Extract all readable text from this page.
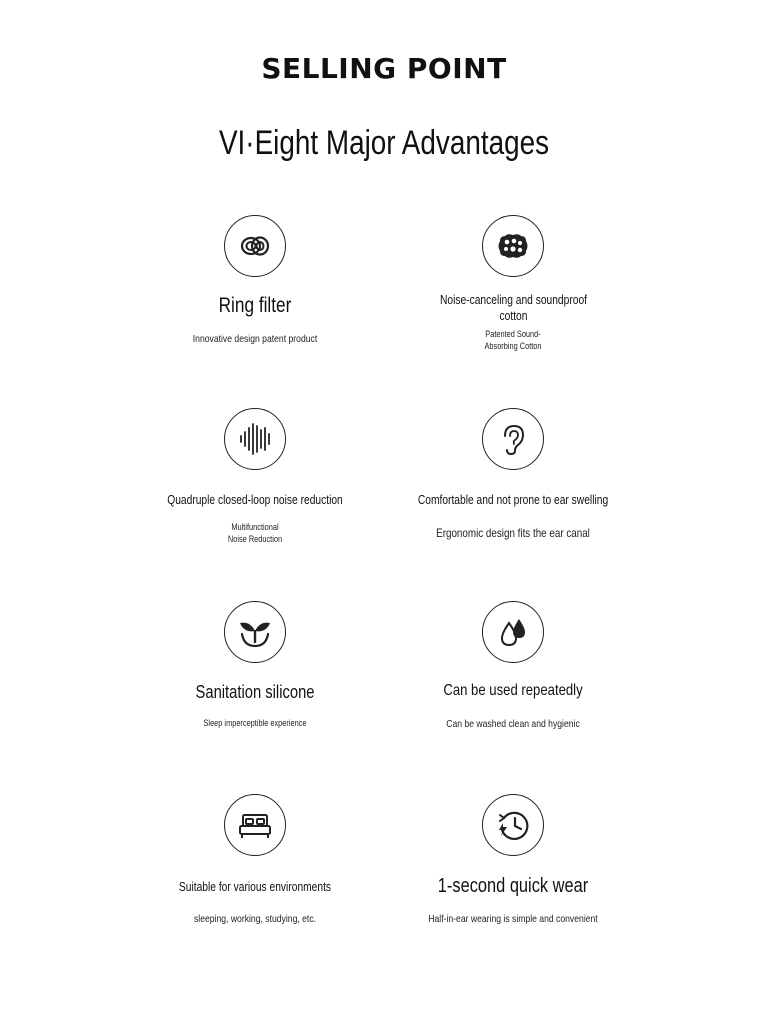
SELLING POINT
VI·Eight Major Advantages
Ring filter
Innovative design patent product
Noise-canceling and soundproof cotton
Patented Sound-Absorbing Cotton
Quadruple closed-loop noise reduction
Multifunctional Noise Reduction
Comfortable and not prone to ear swelling
Ergonomic design fits the ear canal
Sanitation silicone
Sleep imperceptible experience
Can be used repeatedly
Can be washed clean and hygienic
Suitable for various environments
sleeping, working, studying, etc.
1-second quick wear
Half-in-ear wearing is simple and convenient
